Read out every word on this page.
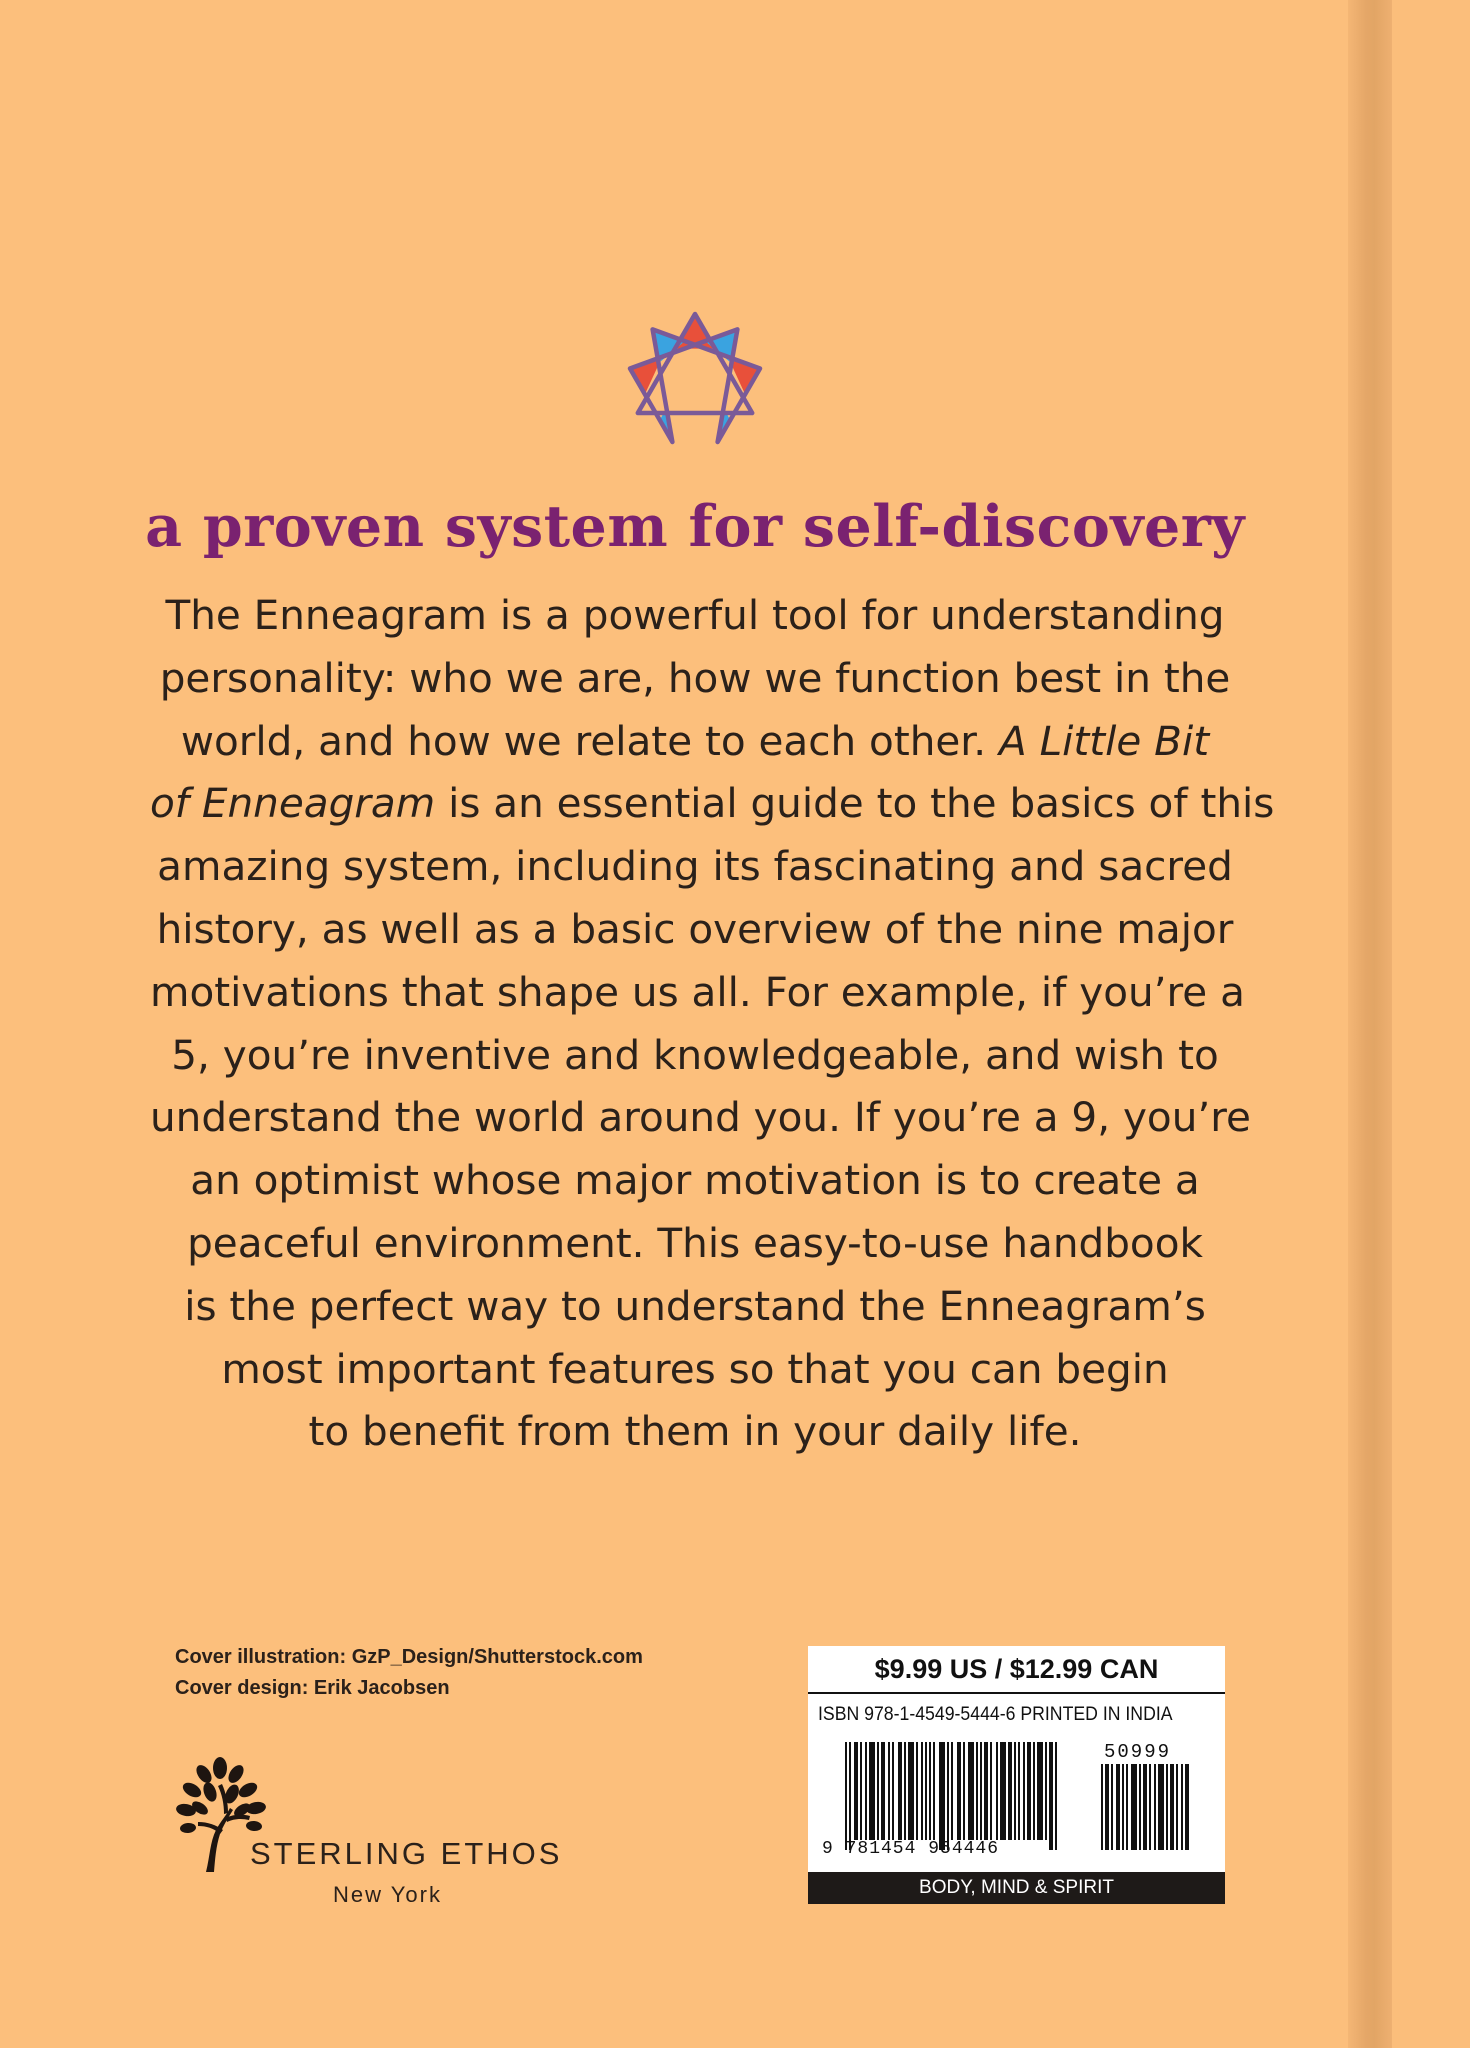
a proven system for self-discovery
The Enneagram is a powerful tool for understanding
personality: who we are, how we function best in the
world, and how we relate to each other. A Little Bit
of Enneagram is an essential guide to the basics of this
amazing system, including its fascinating and sacred
history, as well as a basic overview of the nine major
motivations that shape us all. For example, if you’re a
5, you’re inventive and knowledgeable, and wish to
understand the world around you. If you’re a 9, you’re
an optimist whose major motivation is to create a
peaceful environment. This easy-to-use handbook
is the perfect way to understand the Enneagram’s
most important features so that you can begin
to benefit from them in your daily life.
Cover illustration: GzP_Design/Shutterstock.com
Cover design: Erik Jacobsen
STERLING ETHOS
New York
$9.99 US / $12.99 CAN
ISBN 978-1-4549-5444-6 PRINTED IN INDIA
50999
9 781454 954446
BODY, MIND & SPIRIT
